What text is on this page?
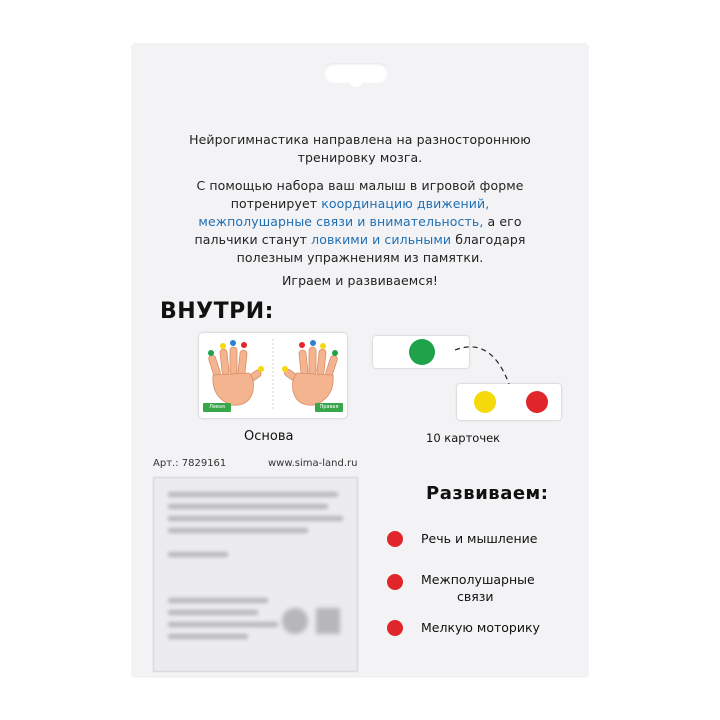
Нейрогимнастика направлена на разностороннюю
тренировку мозга.
С помощью набора ваш малыш в игровой форме потренирует координацию движений, межполушарные связи и внимательность, а его пальчики станут ловкими и сильными благодаря полезным упражнениям из памятки.
Играем и развиваемся!
ВНУТРИ:
Левая	Правая
Основа	10 карточек
Арт.: 7829161	www.sima-land.ru
Развиваем:
Речь и мышление
Межполушарные
связи
Мелкую моторику
